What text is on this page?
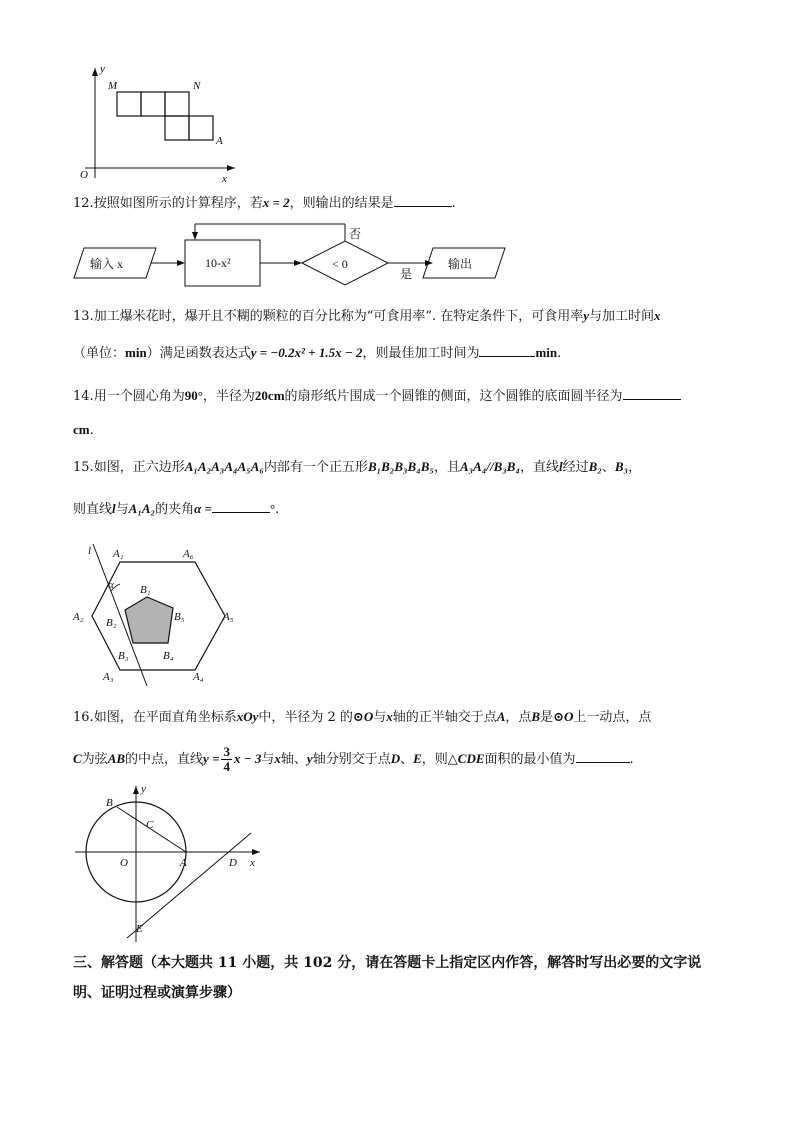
y
x
O
M	N
A
12.按照如图所示的计算程序，若x = 2，则输出的结果是	.
输入 x	10-x²	< 0
否
是
输出
13.加工爆米花时，爆开且不糊的颗粒的百分比称为“可食用率”. 在特定条件下，可食用率y与加工时间x
（单位：min）满足函数表达式y = −0.2x² + 1.5x − 2，则最佳加工时间为	min.
14.用一个圆心角为90°，半径为20cm的扇形纸片围成一个圆锥的侧面，这个圆锥的底面圆半径为
cm.
15.如图，正六边形A₁A₂A₃A₄A₅A₆内部有一个正五形B₁B₂B₃B₄B₅，且A₃A₄//B₃B₄，直线l经过B₂、B₃，
则直线l与A₁A₂的夹角α =	°.
l
α
A₁	A₆
A₂	A₅
A₃	A₄
B₁
B₂	B₅
B₃	B₄
16.如图，在平面直角坐标系xOy中，半径为 2 的⊙O与x轴的正半轴交于点A，点B是⊙O上一动点，点
C为弦AB的中点，直线$y = \frac{3}{4}$ x − 3与x轴、y轴分别交于点D、E，则△CDE面积的最小值为	.
y
x
O	A
B
C
D
E
三、解答题（本大题共 11 小题，共 102 分，请在答题卡上指定区内作答，解答时写出必要的文字说明、证明过程或演算步骤）
